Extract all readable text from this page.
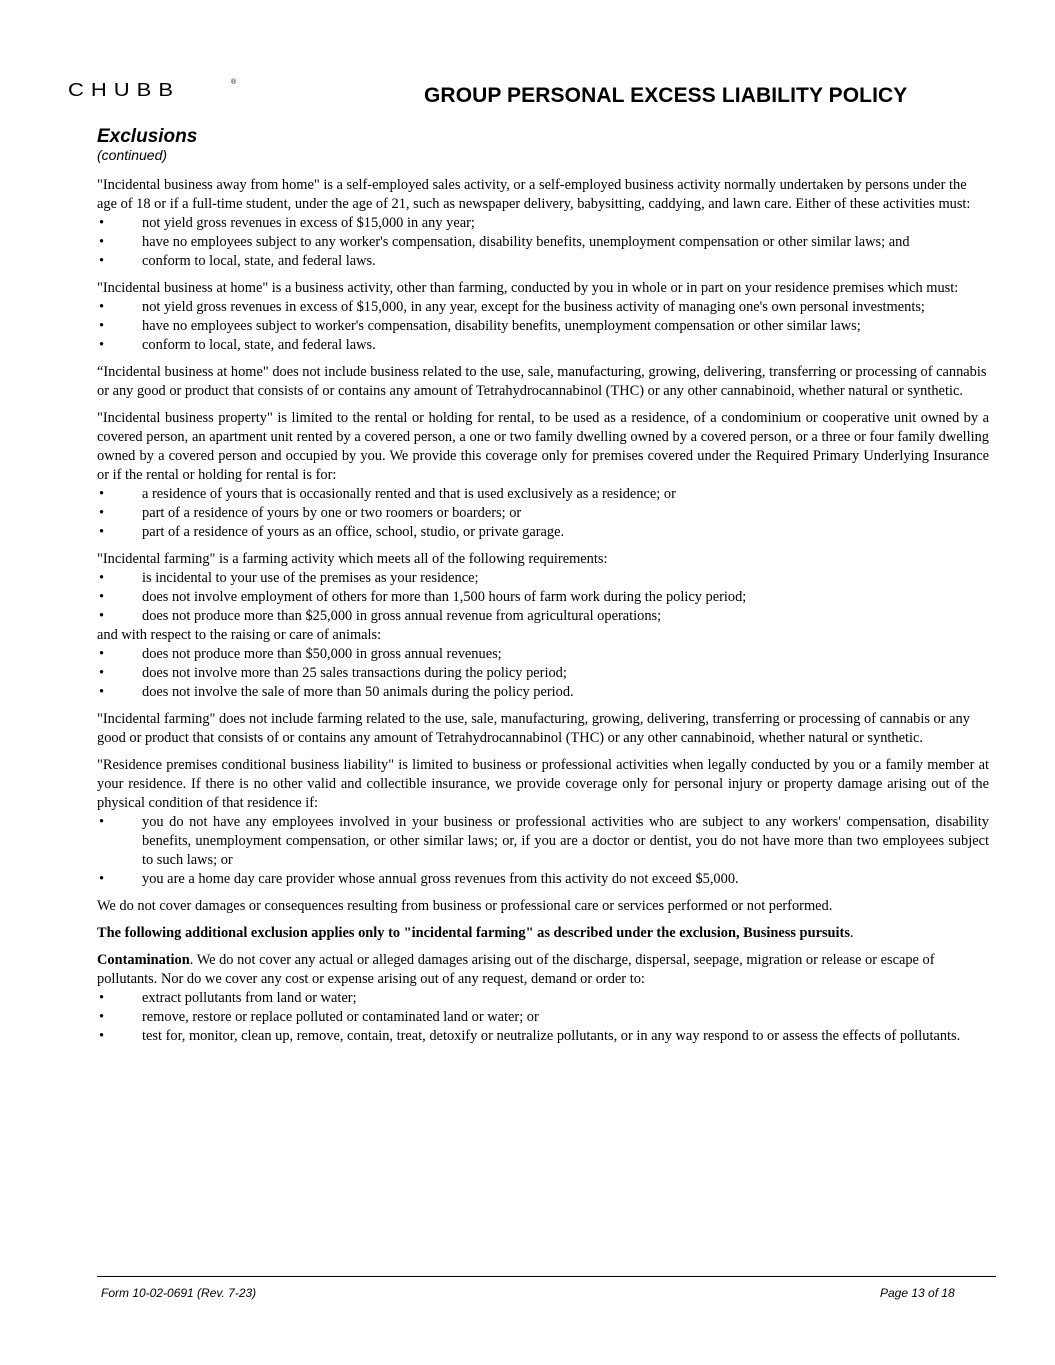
CHUBB	®
GROUP PERSONAL EXCESS LIABILITY POLICY
Exclusions
(continued)

"Incidental business away from home" is a self-employed sales activity, or a self-employed business activity normally undertaken by persons under the age of 18 or if a full-time student, under the age of 21, such as newspaper delivery, babysitting, caddying, and lawn care. Either of these activities must:

• not yield gross revenues in excess of $15,000 in any year;
• have no employees subject to any worker's compensation, disability benefits, unemployment compensation or other similar laws; and
• conform to local, state, and federal laws.

"Incidental business at home" is a business activity, other than farming, conducted by you in whole or in part on your residence premises which must:

• not yield gross revenues in excess of $15,000, in any year, except for the business activity of managing one's own personal investments;
• have no employees subject to worker's compensation, disability benefits, unemployment compensation or other similar laws;
• conform to local, state, and federal laws.

“Incidental business at home" does not include business related to the use, sale, manufacturing, growing, delivering, transferring or processing of cannabis or any good or product that consists of or contains any amount of Tetrahydrocannabinol (THC) or any other cannabinoid, whether natural or synthetic.

"Incidental business property" is limited to the rental or holding for rental, to be used as a residence, of a condominium or cooperative unit owned by a covered person, an apartment unit rented by a covered person, a one or two family dwelling owned by a covered person, or a three or four family dwelling owned by a covered person and occupied by you. We provide this coverage only for premises covered under the Required Primary Underlying Insurance or if the rental or holding for rental is for:

• a residence of yours that is occasionally rented and that is used exclusively as a residence; or
• part of a residence of yours by one or two roomers or boarders; or
• part of a residence of yours as an office, school, studio, or private garage.

"Incidental farming" is a farming activity which meets all of the following requirements:

• is incidental to your use of the premises as your residence;
• does not involve employment of others for more than 1,500 hours of farm work during the policy period;
• does not produce more than $25,000 in gross annual revenue from agricultural operations;

and with respect to the raising or care of animals:

• does not produce more than $50,000 in gross annual revenues;
• does not involve more than 25 sales transactions during the policy period;
• does not involve the sale of more than 50 animals during the policy period.

"Incidental farming" does not include farming related to the use, sale, manufacturing, growing, delivering, transferring or processing of cannabis or any good or product that consists of or contains any amount of Tetrahydrocannabinol (THC) or any other cannabinoid, whether natural or synthetic.

"Residence premises conditional business liability" is limited to business or professional activities when legally conducted by you or a family member at your residence. If there is no other valid and collectible insurance, we provide coverage only for personal injury or property damage arising out of the physical condition of that residence if:

• you do not have any employees involved in your business or professional activities who are subject to any workers' compensation, disability benefits, unemployment compensation, or other similar laws; or, if you are a doctor or dentist, you do not have more than two employees subject to such laws; or
• you are a home day care provider whose annual gross revenues from this activity do not exceed $5,000.

We do not cover damages or consequences resulting from business or professional care or services performed or not performed.

The following additional exclusion applies only to "incidental farming" as described under the exclusion, Business pursuits.

Contamination. We do not cover any actual or alleged damages arising out of the discharge, dispersal, seepage, migration or release or escape of pollutants. Nor do we cover any cost or expense arising out of any request, demand or order to:

• extract pollutants from land or water;
• remove, restore or replace polluted or contaminated land or water; or
• test for, monitor, clean up, remove, contain, treat, detoxify or neutralize pollutants, or in any way respond to or assess the effects of pollutants.
Form 10-02-0691 (Rev. 7-23)	Page 13 of 18
